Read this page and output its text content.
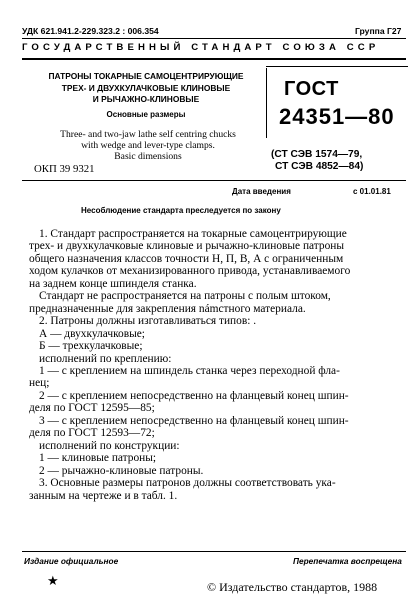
УДК 621.941.2-229.323.2 : 006.354	Группа Г27
ГОСУДАРСТВЕННЫЙ СТАНДАРТ СОЮЗА ССР
ПАТРОНЫ ТОКАРНЫЕ САМОЦЕНТРИРУЮЩИЕ
ТРЕХ- И ДВУХКУЛАЧКОВЫЕ КЛИНОВЫЕ
И РЫЧАЖНО-КЛИНОВЫЕ
Основные размеры
Three- and two-jaw lathe self centring chucks
with wedge and lever-type clamps.
Basic dimensions
ОКП 39 9321
ГОСТ
24351—80
(СТ СЭВ 1574—79,
СТ СЭВ 4852—84)
Дата введения	с 01.01.81
Несоблюдение стандарта преследуется по закону
1. Стандарт распространяется на токарные самоцентрирующие
трех- и двухкулачковые клиновые и рычажно-клиновые патроны
общего назначения классов точности Н, П, В, А с ограниченным
ходом кулачков от механизированного привода, устанавливаемого
на заднем конце шпинделя станка.
Стандарт не распространяется на патроны с полым штоком,
предназначенные для закрепления námcтного материала.
2. Патроны должны изготавливаться типов: .
А — двухкулачковые;
Б — трехкулачковые;
исполнений по креплению:
1 — с креплением на шпиндель станка через переходной фла-
нец;
2 — с креплением непосредственно на фланцевый конец шпин-
деля по ГОСТ 12595—85;
3 — с креплением непосредственно на фланцевый конец шпин-
деля по ГОСТ 12593—72;
исполнений по конструкции:
1 — клиновые патроны;
2 — рычажно-клиновые патроны.
3. Основные размеры патронов должны соответствовать ука-
занным на чертеже и в табл. 1.
Издание официальное	Перепечатка воспрещена
★	© Издательство стандартов, 1988
